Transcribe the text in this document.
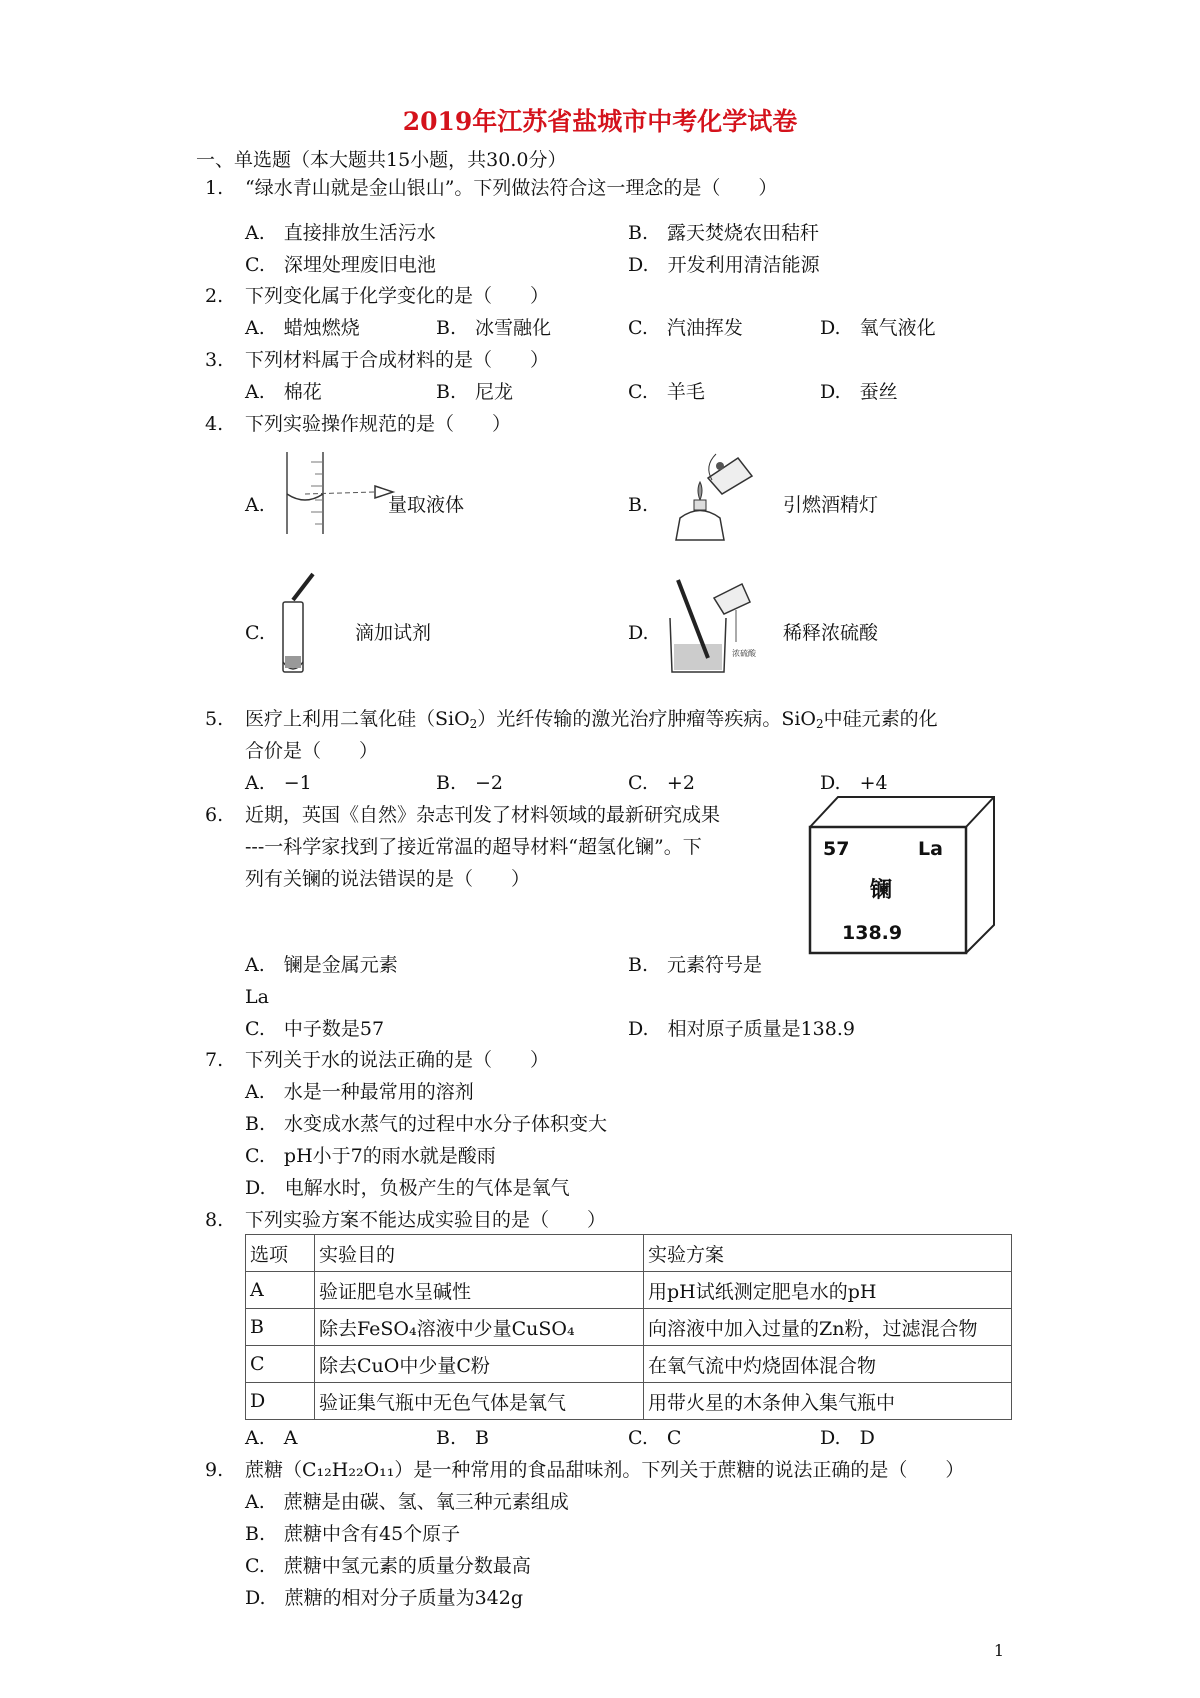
2019年江苏省盐城市中考化学试卷
一、单选题（本大题共15小题，共30.0分）
1. “绿水青山就是金山银山”。下列做法符合这一理念的是（　　）
A.　直接排放生活污水	B.　露天焚烧农田秸秆
C.　深埋处理废旧电池	D.　开发利用清洁能源
2. 下列变化属于化学变化的是（　　）
A.　蜡烛燃烧	B.　冰雪融化	C.　汽油挥发	D.　氧气液化
3. 下列材料属于合成材料的是（　　）
A.　棉花	B.　尼龙	C.　羊毛	D.　蚕丝
4. 下列实验操作规范的是（　　）
A.	量取液体	B.	引燃酒精灯
C.	滴加试剂	D.
浓硫酸
稀释浓硫酸
5. 医疗上利用二氧化硅（SiO$_2$）光纤传输的激光治疗肿瘤等疾病。SiO$_2$中硅元素的化
合价是（　　）
A.　−1	B.　−2	C.　+2	D.　+4
6. 近期，英国《自然》杂志刊发了材料领域的最新研究成果
---一科学家找到了接近常温的超导材料“超氢化镧”。下
列有关镧的说法错误的是（　　）
57	La
镧
138.9
A.　镧是金属元素	B.　元素符号是
La
C.　中子数是57	D.　相对原子质量是138.9
7. 下列关于水的说法正确的是（　　）
A.　水是一种最常用的溶剂
B.　水变成水蒸气的过程中水分子体积变大
C.　pH小于7的雨水就是酸雨
D.　电解水时，负极产生的气体是氧气
8. 下列实验方案不能达成实验目的是（　　）
选项	实验目的	实验方案
A	验证肥皂水呈碱性	用pH试纸测定肥皂水的pH
B	除去FeSO₄溶液中少量CuSO₄	向溶液中加入过量的Zn粉，过滤混合物
C	除去CuO中少量C粉	在氧气流中灼烧固体混合物
D	验证集气瓶中无色气体是氧气	用带火星的木条伸入集气瓶中
A.　A	B.　B	C.　C	D.　D
9. 蔗糖（C₁₂H₂₂O₁₁）是一种常用的食品甜味剂。下列关于蔗糖的说法正确的是（　　）
A.　蔗糖是由碳、氢、氧三种元素组成
B.　蔗糖中含有45个原子
C.　蔗糖中氢元素的质量分数最高
D.　蔗糖的相对分子质量为342g
1
